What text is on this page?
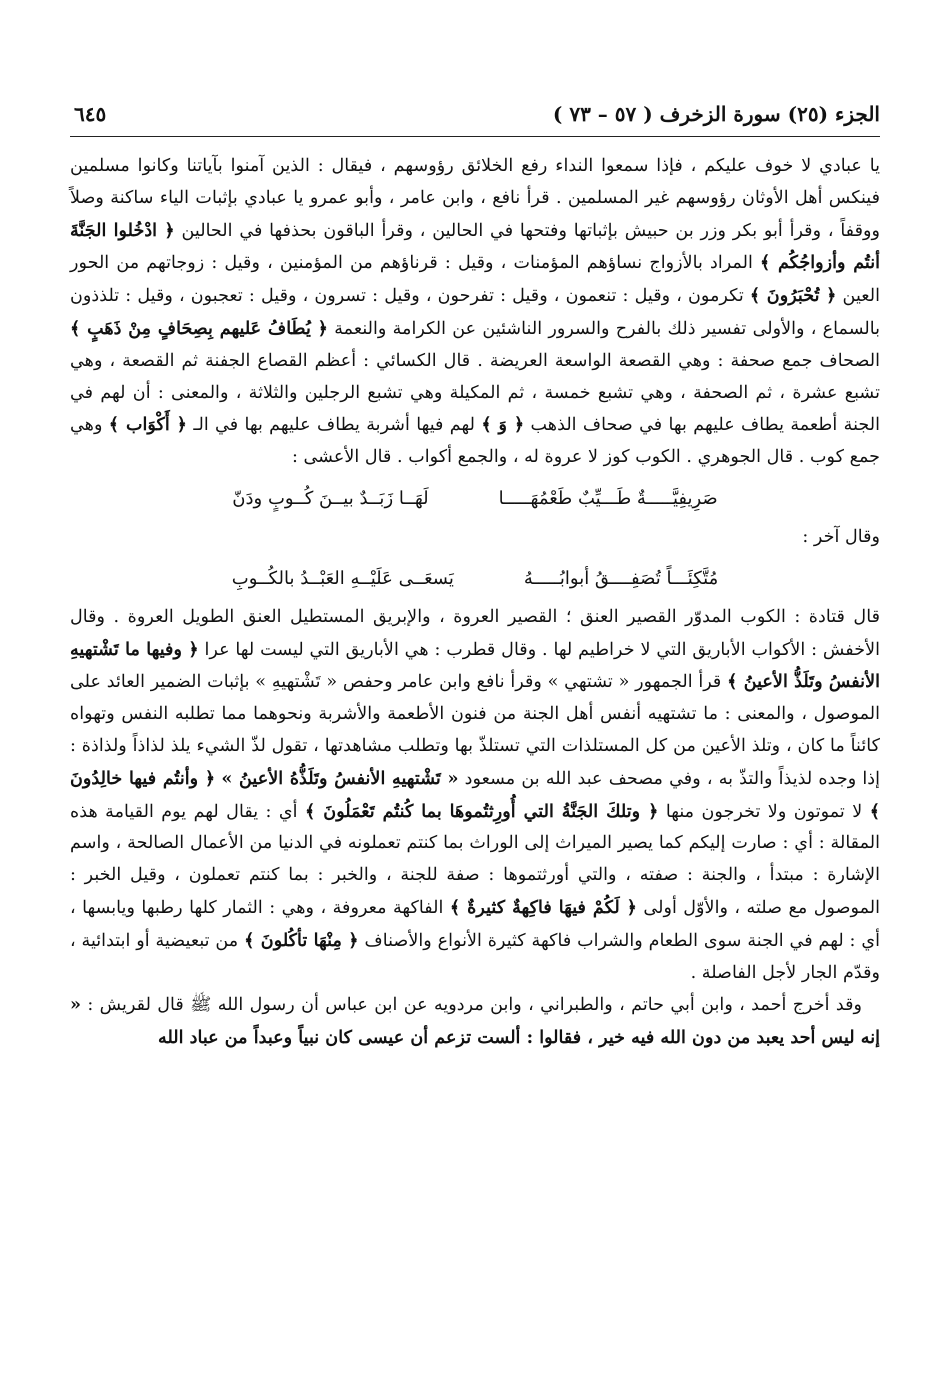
الجزء (٢٥) سورة الزخرف ( ٥٧ – ٧٣ )
٦٤٥

يا عبادي لا خوف عليكم ، فإذا سمعوا النداء رفع الخلائق رؤوسهم ، فيقال : الذين آمنوا بآياتنا وكانوا مسلمين فينكس أهل الأوثان رؤوسهم غير المسلمين . قرأ نافع ، وابن عامر ، وأبو عمرو يا عبادي بإثبات الياء ساكنة وصلاً ووقفاً ، وقرأ أبو بكر وزر بن حبيش بإثباتها وفتحها في الحالين ، وقرأ الباقون بحذفها في الحالين ﴿ ادْخُلوا الجَنَّةَ أنتُم وأزواجُكُم ﴾ المراد بالأزواج نساؤهم المؤمنات ، وقيل : قرناؤهم من المؤمنين ، وقيل : زوجاتهم من الحور العين ﴿ تُحْبَرُونَ ﴾ تكرمون ، وقيل : تنعمون ، وقيل : تفرحون ، وقيل : تسرون ، وقيل : تعجبون ، وقيل : تلذذون بالسماع ، والأولى تفسير ذلك بالفرح والسرور الناشئين عن الكرامة والنعمة ﴿ يُطَافُ عَليهم بِصِحَافٍ مِنْ ذَهَبٍ ﴾ الصحاف جمع صحفة : وهي القصعة الواسعة العريضة . قال الكسائي : أعظم القصاع الجفنة ثم القصعة ، وهي تشبع عشرة ، ثم الصحفة ، وهي تشبع خمسة ، ثم المكيلة وهي تشبع الرجلين والثلاثة ، والمعنى : أن لهم في الجنة أطعمة يطاف عليهم بها في صحاف الذهب ﴿ وَ ﴾ لهم فيها أشربة يطاف عليهم بها في الـ ﴿ أَكْوَاب ﴾ وهي جمع كوب . قال الجوهري . الكوب كوز لا عروة له ، والجمع أكواب . قال الأعشى :

صَرِيفِيَّـــــةٌ طَـــيِّبٌ طَعْمُهَـــــا
لَهَــا زَبَــدٌ بيــنَ كُــوبٍ ودَنّ

وقال آخر :

مُتَّكِئَـــاً تُصَفِــــقُ أبوابُـــــهُ
يَسعَــى عَلَيْــهِ العَبْــدُ بالكُــوبِ

قال قتادة : الكوب المدوّر القصير العنق ؛ القصير العروة ، والإبريق المستطيل العنق الطويل العروة . وقال الأخفش : الأكواب الأباريق التي لا خراطيم لها . وقال قطرب : هي الأباريق التي ليست لها عرا ﴿ وفيها ما تَشْتهيهِ الأنفسُ وتَلَذُّ الأعينُ ﴾ قرأ الجمهور « تشتهي » وقرأ نافع وابن عامر وحفص « تَشْتهيهِ » بإثبات الضمير العائد على الموصول ، والمعنى : ما تشتهيه أنفس أهل الجنة من فنون الأطعمة والأشربة ونحوهما مما تطلبه النفس وتهواه كائناً ما كان ، وتلذ الأعين من كل المستلذات التي تستلذّ بها وتطلب مشاهدتها ، تقول لذّ الشيء يلذ لذاذاً ولذاذة : إذا وجده لذيذاً والتذّ به ، وفي مصحف عبد الله بن مسعود « تَشْتهيهِ الأنفسُ وتَلَذُّهُ الأعينُ » ﴿ وأنتُم فيها خالِدُونَ ﴾ لا تموتون ولا تخرجون منها ﴿ وتلكَ الجَنَّةُ التي أُورِثتُموهَا بما كُنتُم تَعْمَلُونَ ﴾ أي : يقال لهم يوم القيامة هذه المقالة : أي : صارت إليكم كما يصير الميراث إلى الوراث بما كنتم تعملونه في الدنيا من الأعمال الصالحة ، واسم الإشارة : مبتدأ ، والجنة : صفته ، والتي أورثتموها : صفة للجنة ، والخبر : بما كنتم تعملون ، وقيل الخبر : الموصول مع صلته ، والأوّل أولى ﴿ لَكُمْ فيهَا فاكِهةٌ كثيرةٌ ﴾ الفاكهة معروفة ، وهي : الثمار كلها رطبها ويابسها ، أي : لهم في الجنة سوى الطعام والشراب فاكهة كثيرة الأنواع والأصناف ﴿ مِنْهَا تأكُلونَ ﴾ من تبعيضية أو ابتدائية ، وقدّم الجار لأجل الفاصلة .

وقد أخرج أحمد ، وابن أبي حاتم ، والطبراني ، وابن مردويه عن ابن عباس أن رسول الله ﷺ قال لقريش : « إنه ليس أحد يعبد من دون الله فيه خير ، فقالوا : ألست تزعم أن عيسى كان نبياً وعبداً من عباد الله
